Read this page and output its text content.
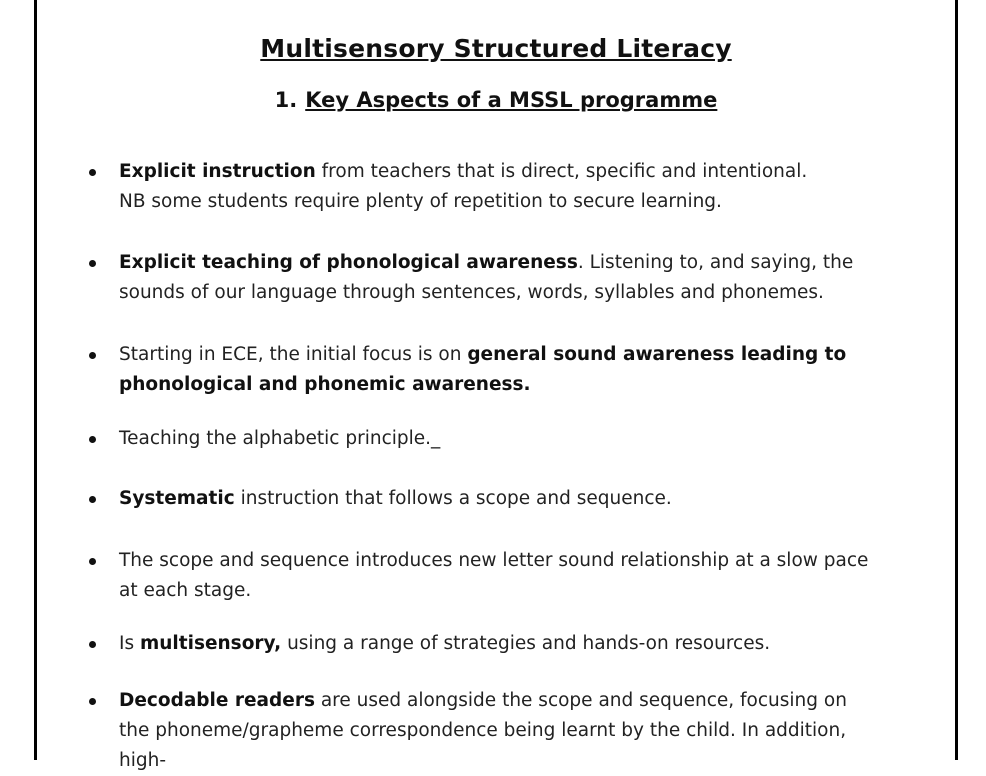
Multisensory Structured Literacy
1. Key Aspects of a MSSL programme
Explicit instruction from teachers that is direct, specific and intentional.
NB some students require plenty of repetition to secure learning.
Explicit teaching of phonological awareness. Listening to, and saying, the sounds of our language through sentences, words, syllables and phonemes.
Starting in ECE, the initial focus is on general sound awareness leading to phonological and phonemic awareness.
Teaching the alphabetic principle._
Systematic instruction that follows a scope and sequence.
The scope and sequence introduces new letter sound relationship at a slow pace at each stage.
Is multisensory, using a range of strategies and hands-on resources.
Decodable readers are used alongside the scope and sequence, focusing on the phoneme/grapheme correspondence being learnt by the child. In addition, high-
